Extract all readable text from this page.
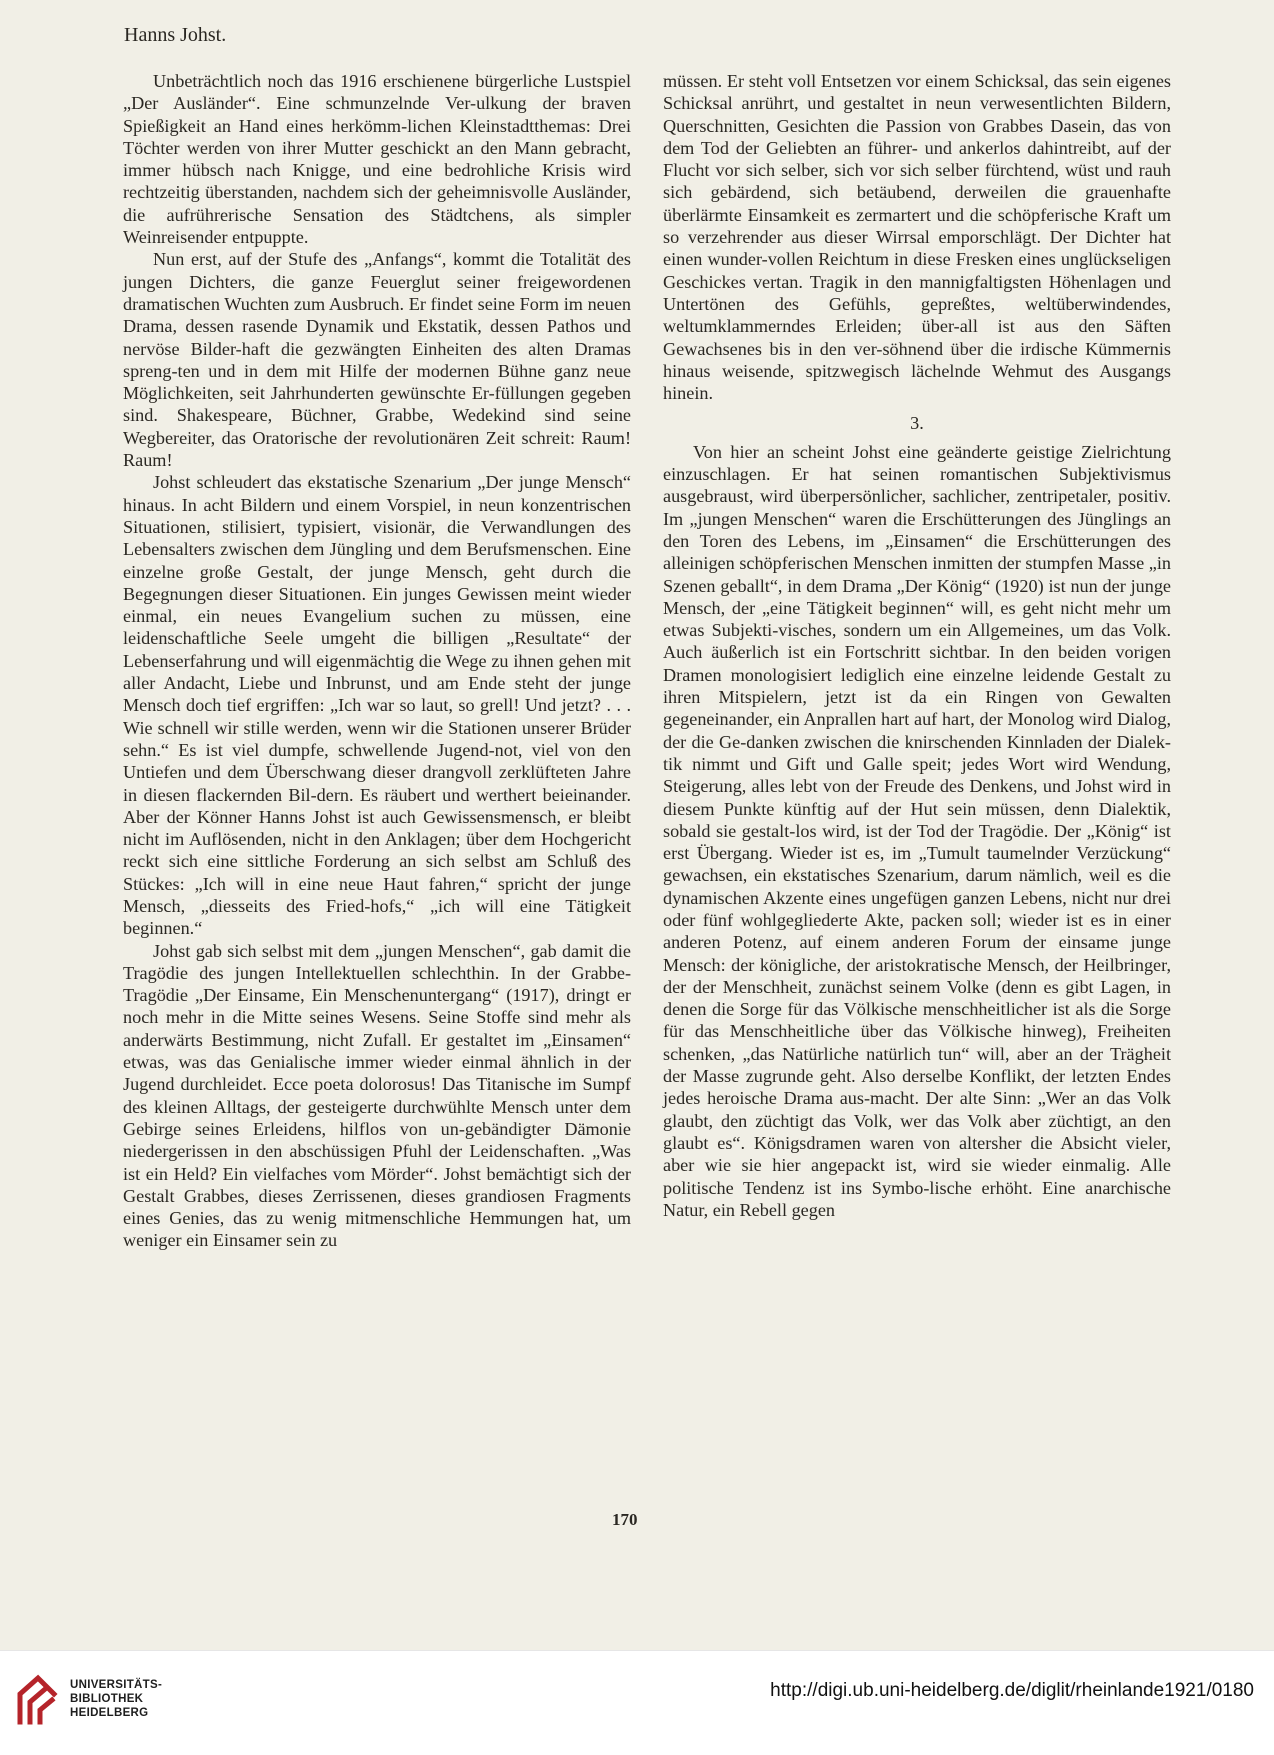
Hanns Johst.

Unbeträchtlich noch das 1916 erschienene bürgerliche Lustspiel „Der Ausländer“. Eine schmunzelnde Ver-ulkung der braven Spießigkeit an Hand eines herkömm-lichen Kleinstadtthemas: Drei Töchter werden von ihrer Mutter geschickt an den Mann gebracht, immer hübsch nach Knigge, und eine bedrohliche Krisis wird rechtzeitig überstanden, nachdem sich der geheimnisvolle Ausländer, die aufrührerische Sensation des Städtchens, als simpler Weinreisender entpuppte.

Nun erst, auf der Stufe des „Anfangs“, kommt die Totalität des jungen Dichters, die ganze Feuerglut seiner freigewordenen dramatischen Wuchten zum Ausbruch. Er findet seine Form im neuen Drama, dessen rasende Dynamik und Ekstatik, dessen Pathos und nervöse Bilder-haft die gezwängten Einheiten des alten Dramas spreng-ten und in dem mit Hilfe der modernen Bühne ganz neue Möglichkeiten, seit Jahrhunderten gewünschte Er-füllungen gegeben sind. Shakespeare, Büchner, Grabbe, Wedekind sind seine Wegbereiter, das Oratorische der revolutionären Zeit schreit: Raum! Raum!

Johst schleudert das ekstatische Szenarium „Der junge Mensch“ hinaus. In acht Bildern und einem Vorspiel, in neun konzentrischen Situationen, stilisiert, typisiert, visionär, die Verwandlungen des Lebensalters zwischen dem Jüngling und dem Berufsmenschen. Eine einzelne große Gestalt, der junge Mensch, geht durch die Begegnungen dieser Situationen. Ein junges Gewissen meint wieder einmal, ein neues Evangelium suchen zu müssen, eine leidenschaftliche Seele umgeht die billigen „Resultate“ der Lebenserfahrung und will eigenmächtig die Wege zu ihnen gehen mit aller Andacht, Liebe und Inbrunst, und am Ende steht der junge Mensch doch tief ergriffen: „Ich war so laut, so grell! Und jetzt? . . . Wie schnell wir stille werden, wenn wir die Stationen unserer Brüder sehn.“ Es ist viel dumpfe, schwellende Jugend-not, viel von den Untiefen und dem Überschwang dieser drangvoll zerklüfteten Jahre in diesen flackernden Bil-dern. Es räubert und werthert beieinander. Aber der Könner Hanns Johst ist auch Gewissensmensch, er bleibt nicht im Auflösenden, nicht in den Anklagen; über dem Hochgericht reckt sich eine sittliche Forderung an sich selbst am Schluß des Stückes: „Ich will in eine neue Haut fahren,“ spricht der junge Mensch, „diesseits des Fried-hofs,“ „ich will eine Tätigkeit beginnen.“

Johst gab sich selbst mit dem „jungen Menschen“, gab damit die Tragödie des jungen Intellektuellen schlechthin. In der Grabbe-Tragödie „Der Einsame, Ein Menschenuntergang“ (1917), dringt er noch mehr in die Mitte seines Wesens. Seine Stoffe sind mehr als anderwärts Bestimmung, nicht Zufall. Er gestaltet im „Einsamen“ etwas, was das Genialische immer wieder einmal ähnlich in der Jugend durchleidet. Ecce poeta dolorosus! Das Titanische im Sumpf des kleinen Alltags, der gesteigerte durchwühlte Mensch unter dem Gebirge seines Erleidens, hilflos von un-gebändigter Dämonie niedergerissen in den abschüssigen Pfuhl der Leidenschaften. „Was ist ein Held? Ein vielfaches vom Mörder“. Johst bemächtigt sich der Gestalt Grabbes, dieses Zerrissenen, dieses grandiosen Fragments eines Genies, das zu wenig mitmenschliche Hemmungen hat, um weniger ein Einsamer sein zu

müssen. Er steht voll Entsetzen vor einem Schicksal, das sein eigenes Schicksal anrührt, und gestaltet in neun verwesentlichten Bildern, Querschnitten, Gesichten die Passion von Grabbes Dasein, das von dem Tod der Geliebten an führer- und ankerlos dahintreibt, auf der Flucht vor sich selber, sich vor sich selber fürchtend, wüst und rauh sich gebärdend, sich betäubend, derweilen die grauenhafte überlärmte Einsamkeit es zermartert und die schöpferische Kraft um so verzehrender aus dieser Wirrsal emporschlägt. Der Dichter hat einen wunder-vollen Reichtum in diese Fresken eines unglückseligen Geschickes vertan. Tragik in den mannigfaltigsten Höhenlagen und Untertönen des Gefühls, gepreßtes, weltüberwindendes, weltumklammerndes Erleiden; über-all ist aus den Säften Gewachsenes bis in den ver-söhnend über die irdische Kümmernis hinaus weisende, spitzwegisch lächelnde Wehmut des Ausgangs hinein.

3.

Von hier an scheint Johst eine geänderte geistige Zielrichtung einzuschlagen. Er hat seinen romantischen Subjektivismus ausgebraust, wird überpersönlicher, sachlicher, zentripetaler, positiv. Im „jungen Menschen“ waren die Erschütterungen des Jünglings an den Toren des Lebens, im „Einsamen“ die Erschütterungen des alleinigen schöpferischen Menschen inmitten der stumpfen Masse „in Szenen geballt“, in dem Drama „Der König“ (1920) ist nun der junge Mensch, der „eine Tätigkeit beginnen“ will, es geht nicht mehr um etwas Subjekti-visches, sondern um ein Allgemeines, um das Volk. Auch äußerlich ist ein Fortschritt sichtbar. In den beiden vorigen Dramen monologisiert lediglich eine einzelne leidende Gestalt zu ihren Mitspielern, jetzt ist da ein Ringen von Gewalten gegeneinander, ein Anprallen hart auf hart, der Monolog wird Dialog, der die Ge-danken zwischen die knirschenden Kinnladen der Dialek-tik nimmt und Gift und Galle speit; jedes Wort wird Wendung, Steigerung, alles lebt von der Freude des Denkens, und Johst wird in diesem Punkte künftig auf der Hut sein müssen, denn Dialektik, sobald sie gestalt-los wird, ist der Tod der Tragödie. Der „König“ ist erst Übergang. Wieder ist es, im „Tumult taumelnder Verzückung“ gewachsen, ein ekstatisches Szenarium, darum nämlich, weil es die dynamischen Akzente eines ungefügen ganzen Lebens, nicht nur drei oder fünf wohlgegliederte Akte, packen soll; wieder ist es in einer anderen Potenz, auf einem anderen Forum der einsame junge Mensch: der königliche, der aristokratische Mensch, der Heilbringer, der der Menschheit, zunächst seinem Volke (denn es gibt Lagen, in denen die Sorge für das Völkische menschheitlicher ist als die Sorge für das Menschheitliche über das Völkische hinweg), Freiheiten schenken, „das Natürliche natürlich tun“ will, aber an der Trägheit der Masse zugrunde geht. Also derselbe Konflikt, der letzten Endes jedes heroische Drama aus-macht. Der alte Sinn: „Wer an das Volk glaubt, den züchtigt das Volk, wer das Volk aber züchtigt, an den glaubt es“. Königsdramen waren von altersher die Absicht vieler, aber wie sie hier angepackt ist, wird sie wieder einmalig. Alle politische Tendenz ist ins Symbo-lische erhöht. Eine anarchische Natur, ein Rebell gegen

170
UNIVERSITÄTS-
BIBLIOTHEK
HEIDELBERG
http://digi.ub.uni-heidelberg.de/diglit/rheinlande1921/0180
